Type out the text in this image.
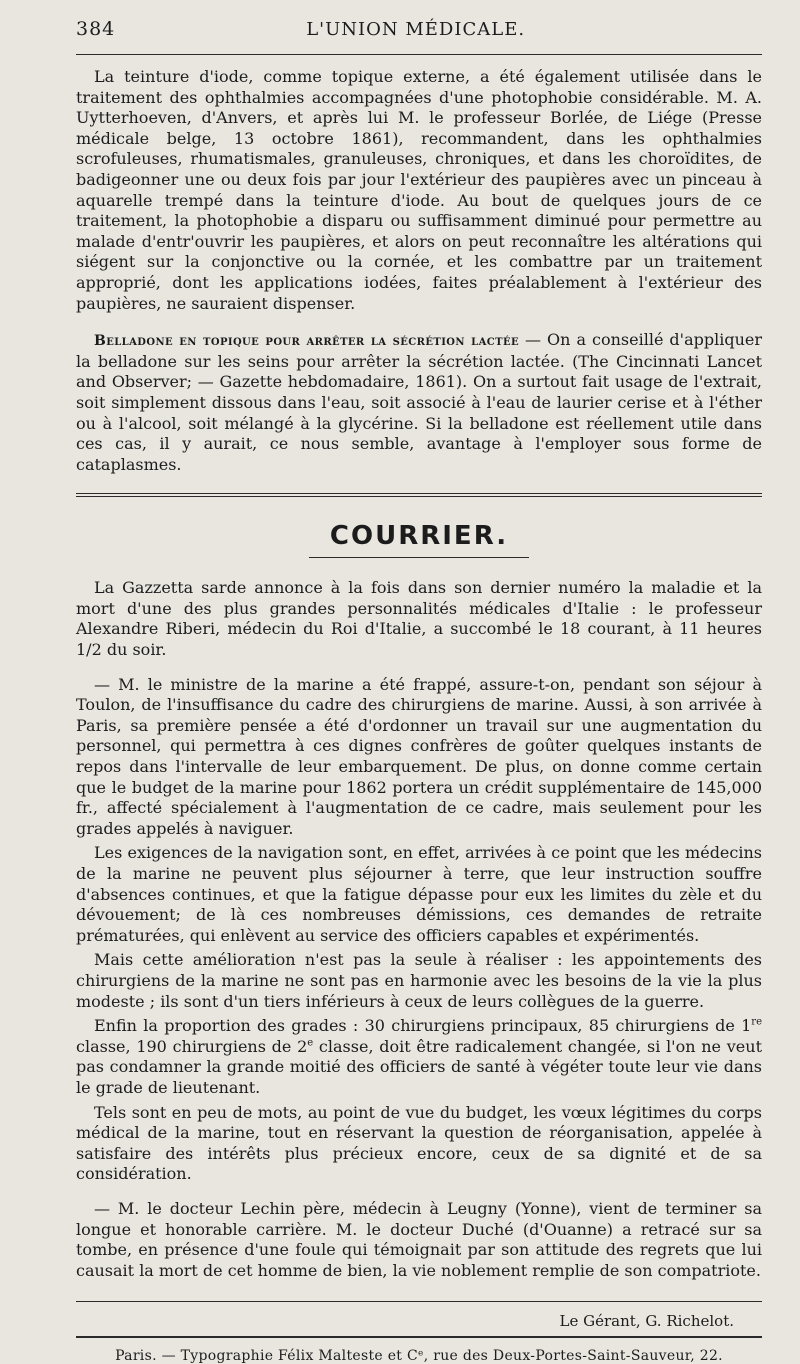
384	L'UNION MÉDICALE.

La teinture d'iode, comme topique externe, a été également utilisée dans le traitement des ophthalmies accompagnées d'une photophobie considérable. M. A. Uytterhoeven, d'Anvers, et après lui M. le professeur Borlée, de Liége (Presse médicale belge, 13 octobre 1861), recommandent, dans les ophthalmies scrofuleuses, rhumatismales, granuleuses, chroniques, et dans les choroïdites, de badigeonner une ou deux fois par jour l'extérieur des paupières avec un pinceau à aquarelle trempé dans la teinture d'iode. Au bout de quelques jours de ce traitement, la photophobie a disparu ou suffisamment diminué pour permettre au malade d'entr'ouvrir les paupières, et alors on peut reconnaître les altérations qui siégent sur la conjonctive ou la cornée, et les combattre par un traitement approprié, dont les applications iodées, faites préalablement à l'extérieur des paupières, ne sauraient dispenser.

Belladone en topique pour arrêter la sécrétion lactée — On a conseillé d'appliquer la belladone sur les seins pour arrêter la sécrétion lactée. (The Cincinnati Lancet and Observer; — Gazette hebdomadaire, 1861). On a surtout fait usage de l'extrait, soit simplement dissous dans l'eau, soit associé à l'eau de laurier cerise et à l'éther ou à l'alcool, soit mélangé à la glycérine. Si la belladone est réellement utile dans ces cas, il y aurait, ce nous semble, avantage à l'employer sous forme de cataplasmes.

COURRIER.

La Gazzetta sarde annonce à la fois dans son dernier numéro la maladie et la mort d'une des plus grandes personnalités médicales d'Italie : le professeur Alexandre Riberi, médecin du Roi d'Italie, a succombé le 18 courant, à 11 heures 1/2 du soir.

— M. le ministre de la marine a été frappé, assure-t-on, pendant son séjour à Toulon, de l'insuffisance du cadre des chirurgiens de marine. Aussi, à son arrivée à Paris, sa première pensée a été d'ordonner un travail sur une augmentation du personnel, qui permettra à ces dignes confrères de goûter quelques instants de repos dans l'intervalle de leur embarquement. De plus, on donne comme certain que le budget de la marine pour 1862 portera un crédit supplémentaire de 145,000 fr., affecté spécialement à l'augmentation de ce cadre, mais seulement pour les grades appelés à naviguer.

Les exigences de la navigation sont, en effet, arrivées à ce point que les médecins de la marine ne peuvent plus séjourner à terre, que leur instruction souffre d'absences continues, et que la fatigue dépasse pour eux les limites du zèle et du dévouement; de là ces nombreuses démissions, ces demandes de retraite prématurées, qui enlèvent au service des officiers capables et expérimentés.

Mais cette amélioration n'est pas la seule à réaliser : les appointements des chirurgiens de la marine ne sont pas en harmonie avec les besoins de la vie la plus modeste ; ils sont d'un tiers inférieurs à ceux de leurs collègues de la guerre.

Enfin la proportion des grades : 30 chirurgiens principaux, 85 chirurgiens de 1re classe, 190 chirurgiens de 2e classe, doit être radicalement changée, si l'on ne veut pas condamner la grande moitié des officiers de santé à végéter toute leur vie dans le grade de lieutenant.

Tels sont en peu de mots, au point de vue du budget, les vœux légitimes du corps médical de la marine, tout en réservant la question de réorganisation, appelée à satisfaire des intérêts plus précieux encore, ceux de sa dignité et de sa considération.

— M. le docteur Lechin père, médecin à Leugny (Yonne), vient de terminer sa longue et honorable carrière. M. le docteur Duché (d'Ouanne) a retracé sur sa tombe, en présence d'une foule qui témoignait par son attitude des regrets que lui causait la mort de cet homme de bien, la vie noblement remplie de son compatriote.

Le Gérant, G. Richelot.
Paris. — Typographie Félix Malteste et Cᵉ, rue des Deux-Portes-Saint-Sauveur, 22.
